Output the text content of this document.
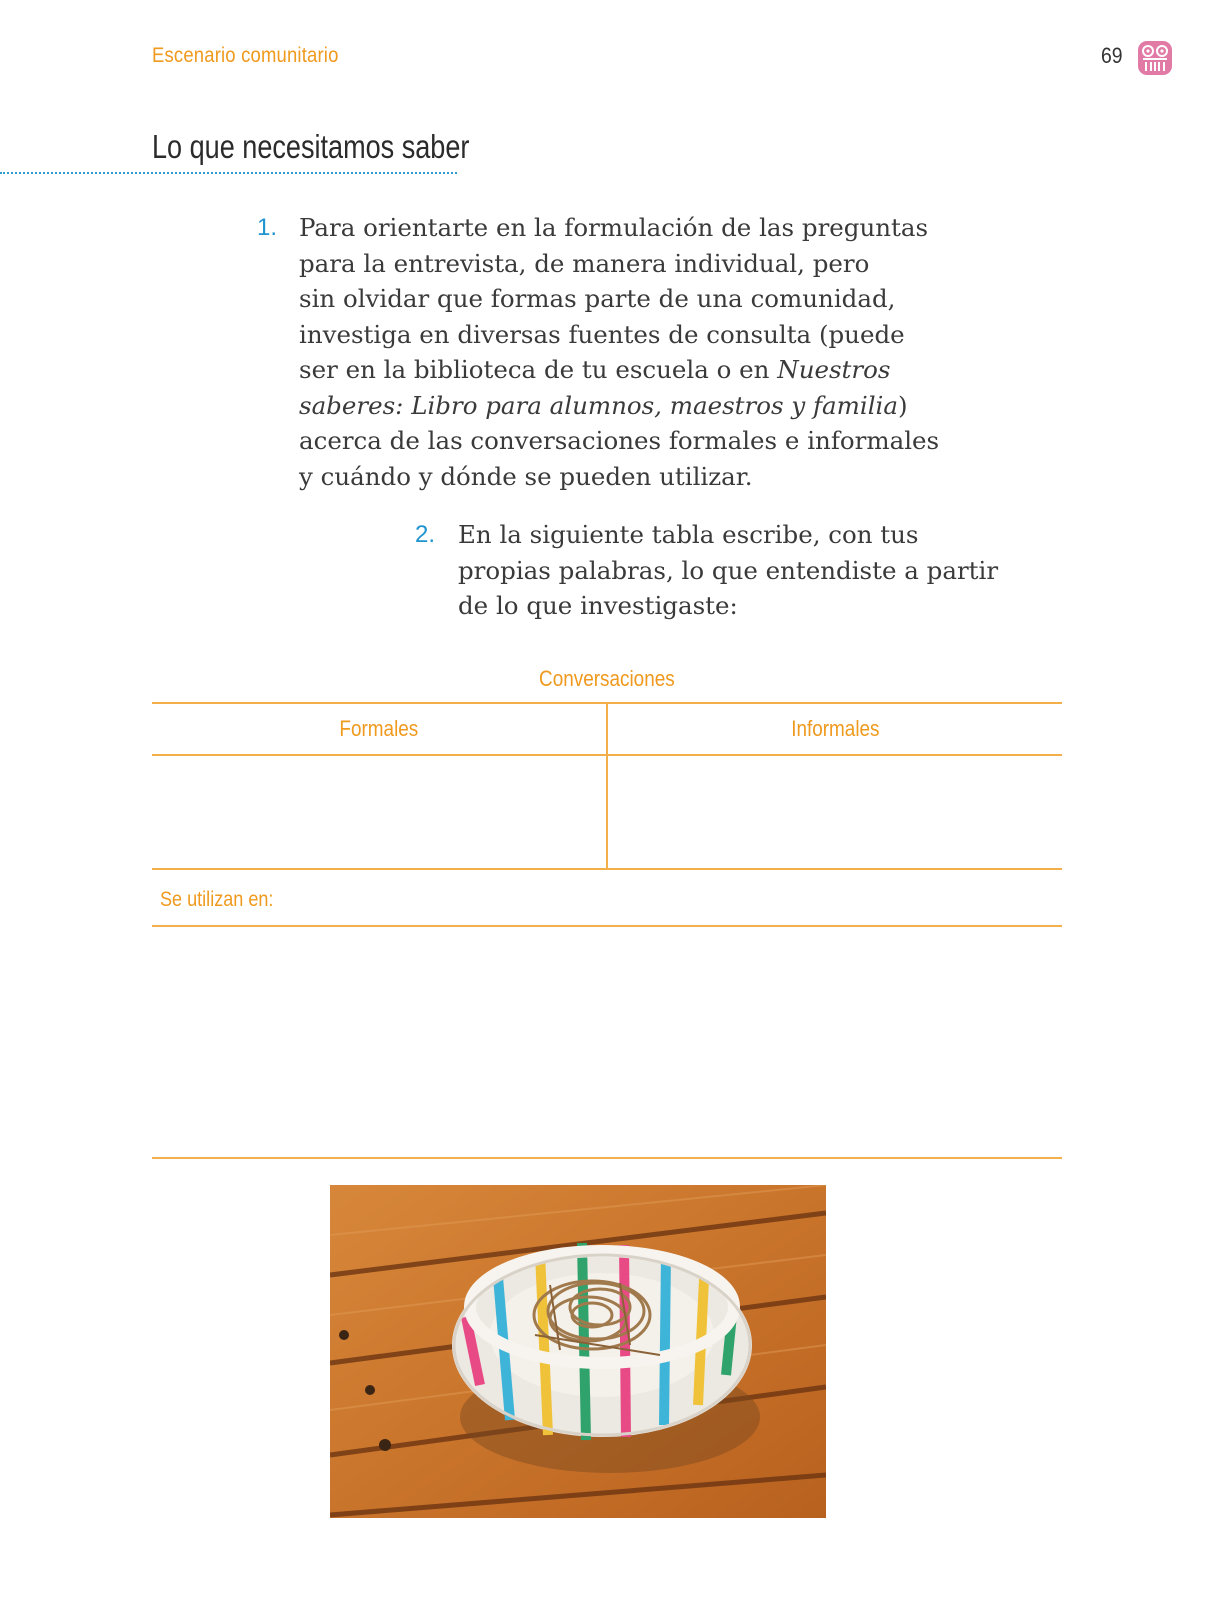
Escenario comunitario	69
Lo que necesitamos saber
1. Para orientarte en la formulación de las preguntas
para la entrevista, de manera individual, pero
sin olvidar que formas parte de una comunidad,
investiga en diversas fuentes de consulta (puede
ser en la biblioteca de tu escuela o en Nuestros
saberes: Libro para alumnos, maestros y familia)
acerca de las conversaciones formales e informales
y cuándo y dónde se pueden utilizar.
2. En la siguiente tabla escribe, con tus
propias palabras, lo que entendiste a partir
de lo que investigaste:
Conversaciones
Formales	Informales
Se utilizan en:
